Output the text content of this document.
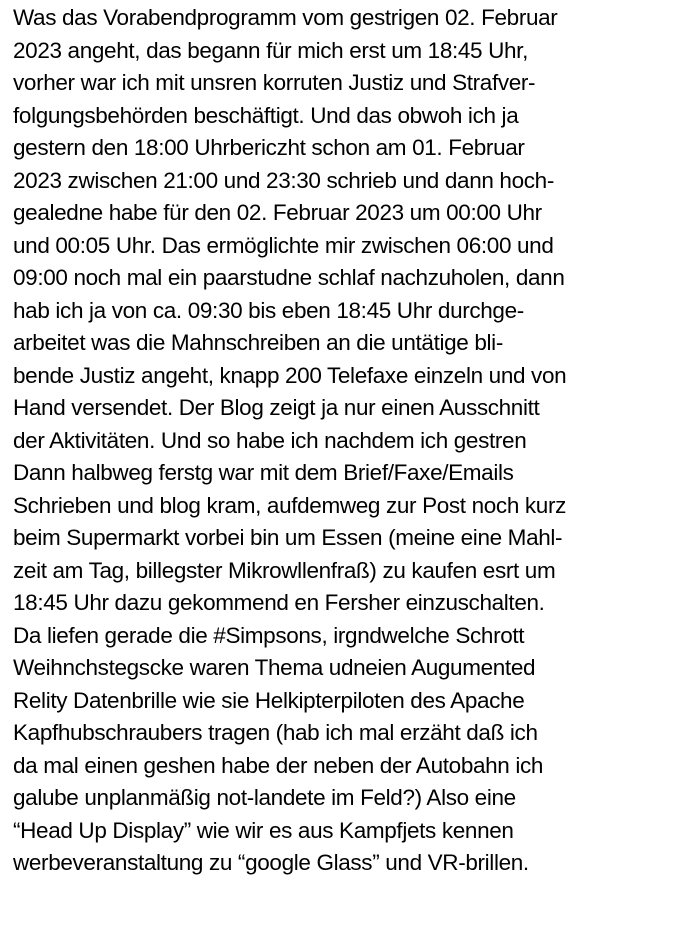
Was das Vorabendprogramm vom gestrigen 02. Februar
2023 angeht, das begann für mich erst um 18:45 Uhr,
vorher war ich mit unsren korruten Justiz und Strafver-
folgungsbehörden beschäftigt. Und das obwoh ich ja
gestern den 18:00 Uhrbericzht schon am 01. Februar
2023 zwischen 21:00 und 23:30 schrieb und dann hoch-
gealedne habe für den 02. Februar 2023 um 00:00 Uhr
und 00:05 Uhr. Das ermöglichte mir zwischen 06:00 und
09:00 noch mal ein paarstudne schlaf nachzuholen, dann
hab ich ja von ca. 09:30 bis eben 18:45 Uhr durchge-
arbeitet was die Mahnschreiben an die untätige bli-
bende Justiz angeht, knapp 200 Telefaxe einzeln und von
Hand versendet. Der Blog zeigt ja nur einen Ausschnitt
der Aktivitäten. Und so habe ich nachdem ich gestren
Dann halbweg ferstg war mit dem Brief/Faxe/Emails
Schrieben und blog kram, aufdemweg zur Post noch kurz
beim Supermarkt vorbei bin um Essen (meine eine Mahl-
zeit am Tag, billegster Mikrowllenfraß) zu kaufen esrt um
18:45 Uhr dazu gekommend en Fersher einzuschalten.
Da liefen gerade die #Simpsons, irgndwelche Schrott
Weihnchstegscke waren Thema udneien Augumented
Relity Datenbrille wie sie Helkipterpiloten des Apache
Kapfhubschraubers tragen (hab ich mal erzäht daß ich
da mal einen geshen habe der neben der Autobahn ich
galube unplanmäßig not-landete im Feld?) Also eine
“Head Up Display” wie wir es aus Kampfjets kennen
werbeveranstaltung zu “google Glass” und VR-brillen.
